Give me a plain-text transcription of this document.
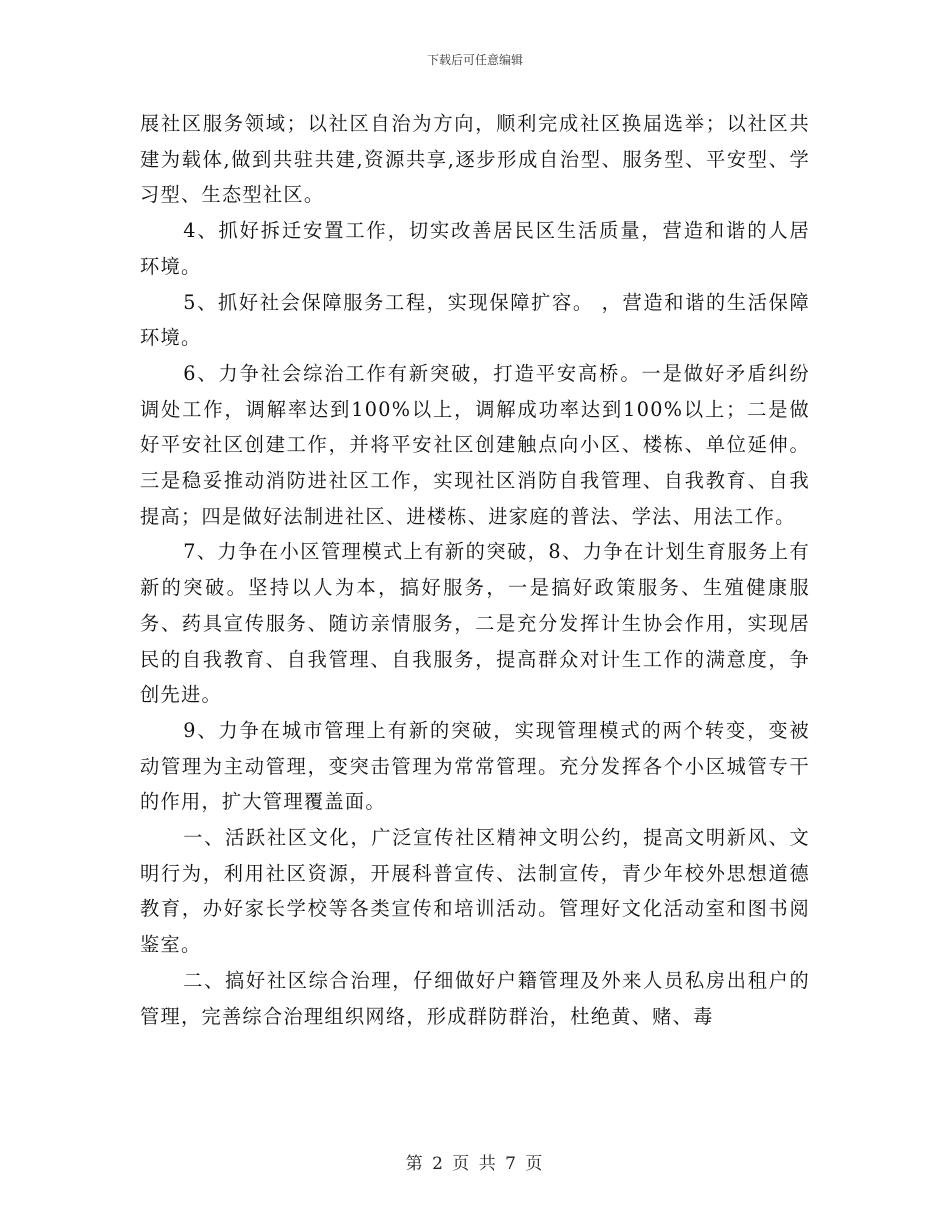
下载后可任意编辑

展社区服务领域；以社区自治为方向，顺利完成社区换届选举；以社区共建为载体,做到共驻共建,资源共享,逐步形成自治型、服务型、平安型、学习型、生态型社区。

4、抓好拆迁安置工作，切实改善居民区生活质量，营造和谐的人居环境。

5、抓好社会保障服务工程，实现保障扩容。 ，营造和谐的生活保障环境。

6、力争社会综治工作有新突破，打造平安高桥。一是做好矛盾纠纷调处工作，调解率达到100%以上，调解成功率达到100%以上；二是做好平安社区创建工作，并将平安社区创建触点向小区、楼栋、单位延伸。三是稳妥推动消防进社区工作，实现社区消防自我管理、自我教育、自我提高；四是做好法制进社区、进楼栋、进家庭的普法、学法、用法工作。

7、力争在小区管理模式上有新的突破，8、力争在计划生育服务上有新的突破。坚持以人为本，搞好服务，一是搞好政策服务、生殖健康服务、药具宣传服务、随访亲情服务，二是充分发挥计生协会作用，实现居民的自我教育、自我管理、自我服务，提高群众对计生工作的满意度，争创先进。

9、力争在城市管理上有新的突破，实现管理模式的两个转变，变被动管理为主动管理，变突击管理为常常管理。充分发挥各个小区城管专干的作用，扩大管理覆盖面。

一、活跃社区文化，广泛宣传社区精神文明公约，提高文明新风、文明行为，利用社区资源，开展科普宣传、法制宣传，青少年校外思想道德教育，办好家长学校等各类宣传和培训活动。管理好文化活动室和图书阅鉴室。

二、搞好社区综合治理，仔细做好户籍管理及外来人员私房出租户的管理，完善综合治理组织网络，形成群防群治，杜绝黄、赌、毒

第 2 页 共 7 页
